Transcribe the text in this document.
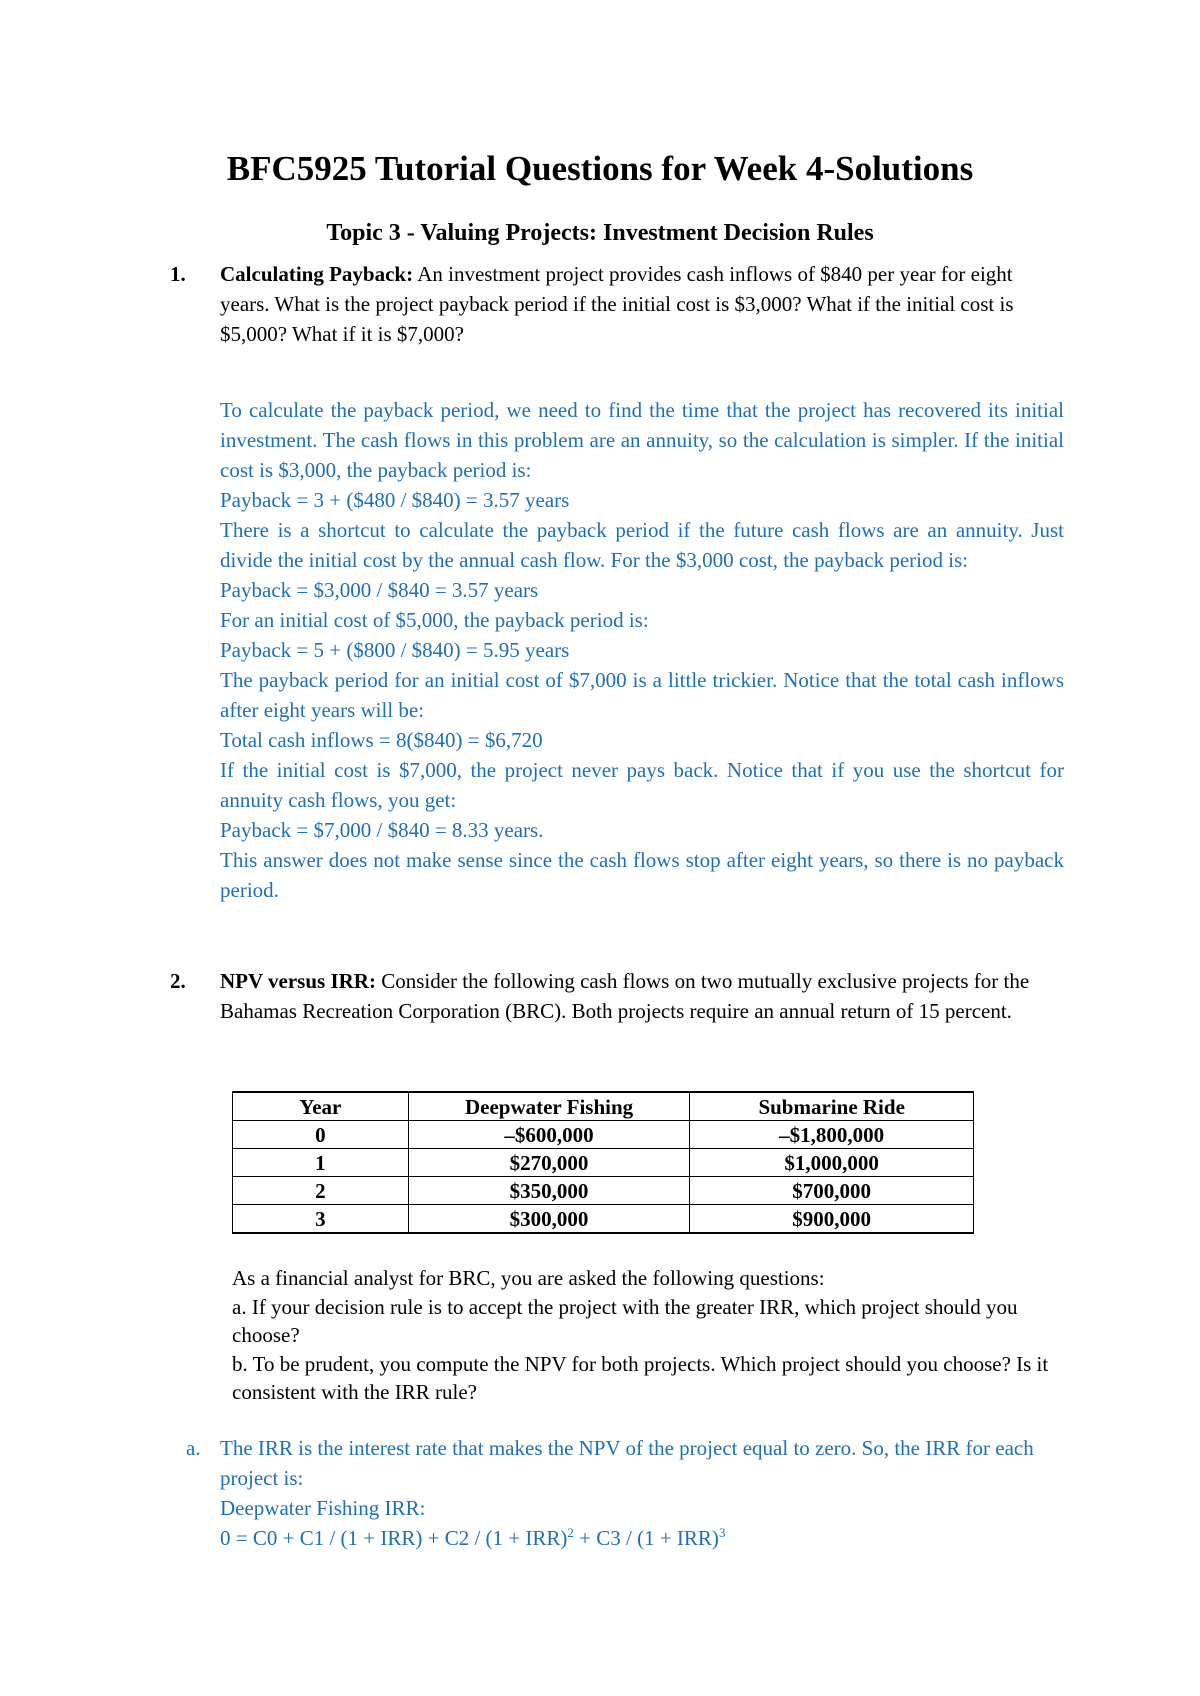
BFC5925 Tutorial Questions for Week 4-Solutions
Topic 3 - Valuing Projects: Investment Decision Rules
1. Calculating Payback: An investment project provides cash inflows of $840 per year for eight years. What is the project payback period if the initial cost is $3,000? What if the initial cost is $5,000? What if it is $7,000?

To calculate the payback period, we need to find the time that the project has recovered its initial investment. The cash flows in this problem are an annuity, so the calculation is simpler. If the initial cost is $3,000, the payback period is:

Payback = 3 + ($480 / $840) = 3.57 years

There is a shortcut to calculate the payback period if the future cash flows are an annuity. Just divide the initial cost by the annual cash flow. For the $3,000 cost, the payback period is:

Payback = $3,000 / $840 = 3.57 years

For an initial cost of $5,000, the payback period is:

Payback = 5 + ($800 / $840) = 5.95 years

The payback period for an initial cost of $7,000 is a little trickier. Notice that the total cash inflows after eight years will be:

Total cash inflows = 8($840) = $6,720

If the initial cost is $7,000, the project never pays back. Notice that if you use the shortcut for annuity cash flows, you get:

Payback = $7,000 / $840 = 8.33 years.

This answer does not make sense since the cash flows stop after eight years, so there is no payback period.

2. NPV versus IRR: Consider the following cash flows on two mutually exclusive projects for the Bahamas Recreation Corporation (BRC). Both projects require an annual return of 15 percent.
Year	Deepwater Fishing	Submarine Ride
0	–$600,000	–$1,800,000
1	$270,000	$1,000,000
2	$350,000	$700,000
3	$300,000	$900,000

As a financial analyst for BRC, you are asked the following questions:

a. If your decision rule is to accept the project with the greater IRR, which project should you choose?

b. To be prudent, you compute the NPV for both projects. Which project should you choose? Is it consistent with the IRR rule?

a. The IRR is the interest rate that makes the NPV of the project equal to zero. So, the IRR for each project is:

Deepwater Fishing IRR:

0 = C0 + C1 / (1 + IRR) + C2 / (1 + IRR)$^2$ + C3 / (1 + IRR)$^3$
